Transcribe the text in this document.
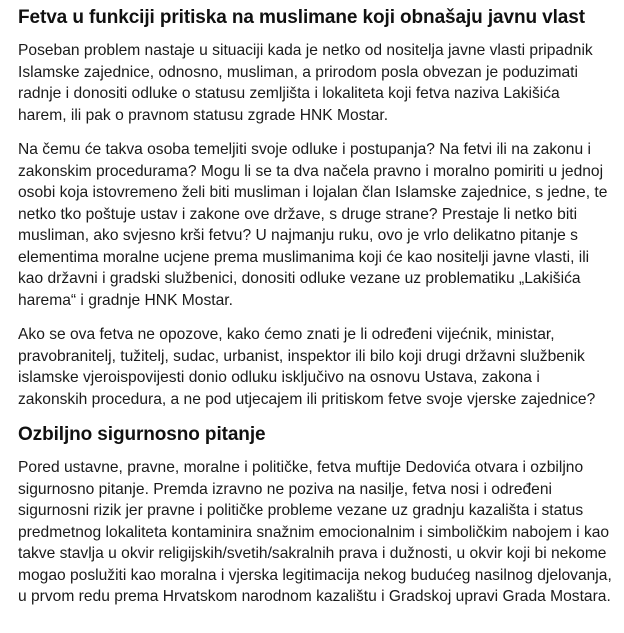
Fetva u funkciji pritiska na muslimane koji obnašaju javnu vlast

Poseban problem nastaje u situaciji kada je netko od nositelja javne vlasti pripadnik Islamske zajednice, odnosno, musliman, a prirodom posla obvezan je poduzimati radnje i donositi odluke o statusu zemljišta i lokaliteta koji fetva naziva Lakišića harem, ili pak o pravnom statusu zgrade HNK Mostar.

Na čemu će takva osoba temeljiti svoje odluke i postupanja? Na fetvi ili na zakonu i zakonskim procedurama? Mogu li se ta dva načela pravno i moralno pomiriti u jednoj osobi koja istovremeno želi biti musliman i lojalan član Islamske zajednice, s jedne, te netko tko poštuje ustav i zakone ove države, s druge strane? Prestaje li netko biti musliman, ako svjesno krši fetvu? U najmanju ruku, ovo je vrlo delikatno pitanje s elementima moralne ucjene prema muslimanima koji će kao nositelji javne vlasti, ili kao državni i gradski službenici, donositi odluke vezane uz problematiku „Lakišića harema“ i gradnje HNK Mostar.

Ako se ova fetva ne opozove, kako ćemo znati je li određeni vijećnik, ministar, pravobranitelj, tužitelj, sudac, urbanist, inspektor ili bilo koji drugi državni službenik islamske vjeroispovijesti donio odluku isključivo na osnovu Ustava, zakona i zakonskih procedura, a ne pod utjecajem ili pritiskom fetve svoje vjerske zajednice?

Ozbiljno sigurnosno pitanje

Pored ustavne, pravne, moralne i političke, fetva muftije Dedovića otvara i ozbiljno sigurnosno pitanje. Premda izravno ne poziva na nasilje, fetva nosi i određeni sigurnosni rizik jer pravne i političke probleme vezane uz gradnju kazališta i status predmetnog lokaliteta kontaminira snažnim emocionalnim i simboličkim nabojem i kao takve stavlja u okvir religijskih/svetih/sakralnih prava i dužnosti, u okvir koji bi nekome mogao poslužiti kao moralna i vjerska legitimacija nekog budućeg nasilnog djelovanja, u prvom redu prema Hrvatskom narodnom kazalištu i Gradskoj upravi Grada Mostara.
